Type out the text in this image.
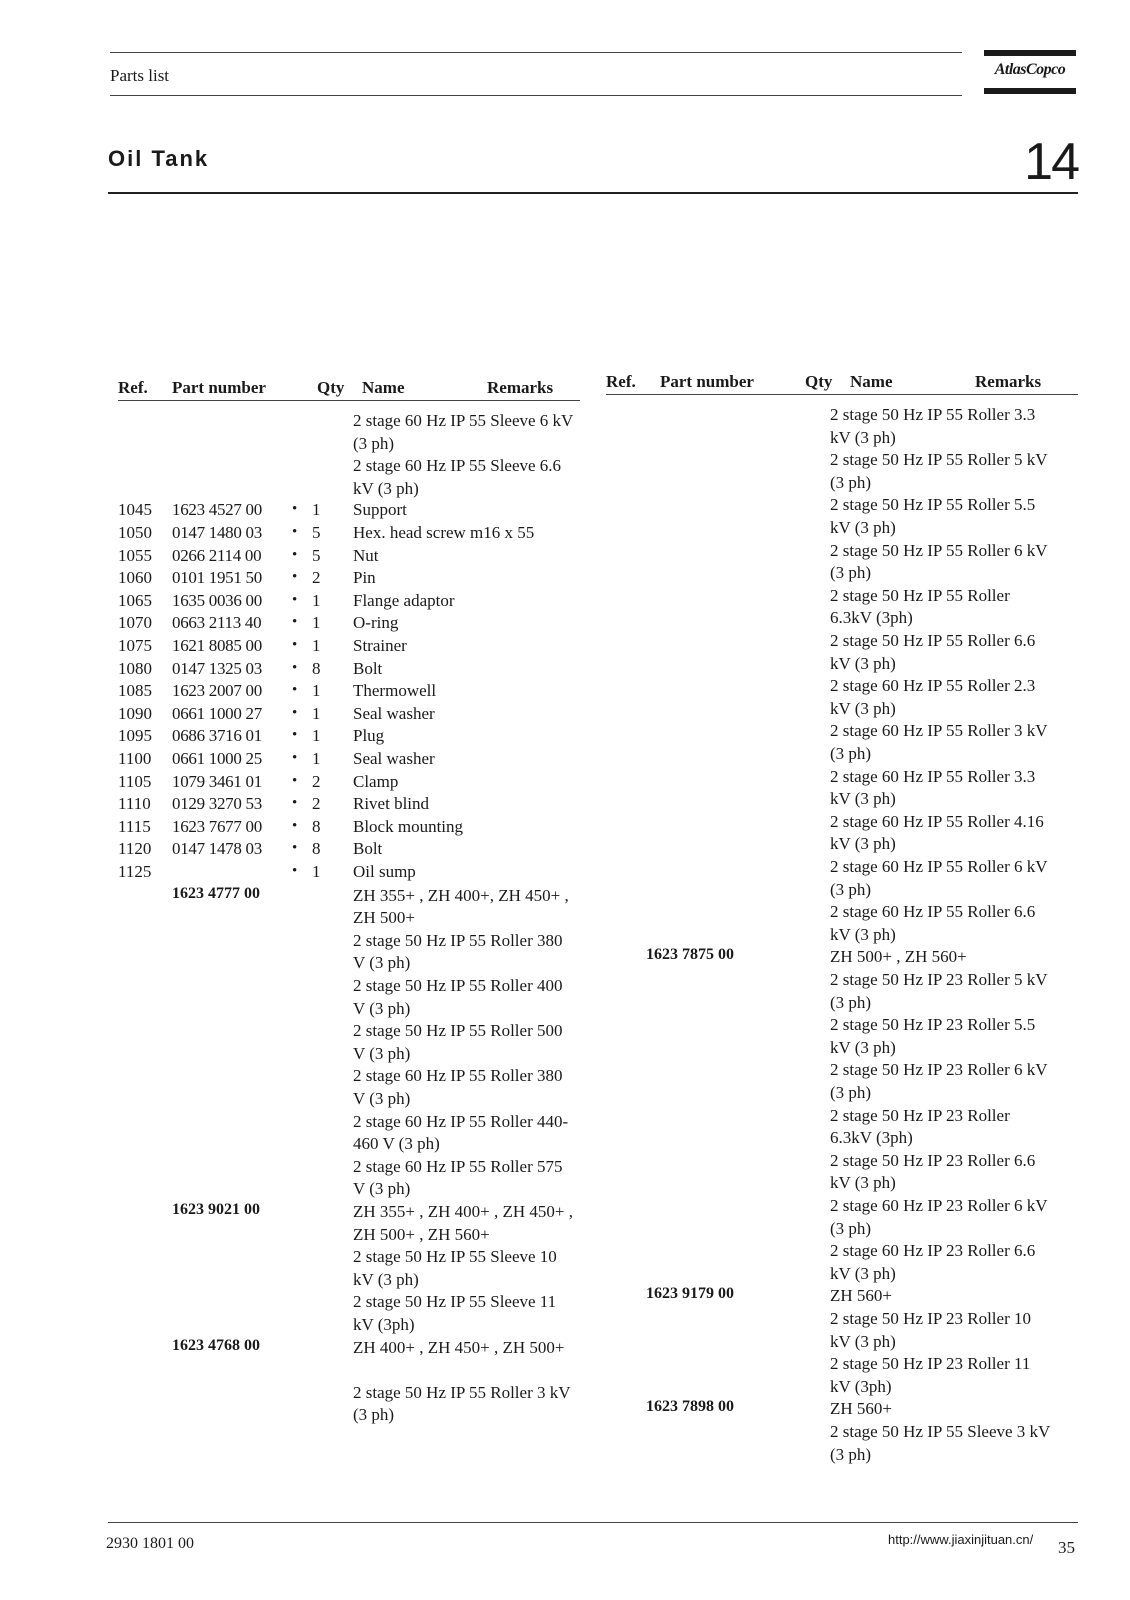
Parts list	AtlasCopco
Oil Tank	14
Ref. Part number	Qty Name	Remarks
2 stage 60 Hz IP 55 Sleeve 6 kV (3 ph)
2 stage 60 Hz IP 55 Sleeve 6.6 kV (3 ph)
1045 1623 4527 00 • 1 Support
1050 0147 1480 03 • 5 Hex. head screw m16 x 55
1055 0266 2114 00 • 5 Nut
1060 0101 1951 50 • 2 Pin
1065 1635 0036 00 • 1 Flange adaptor
1070 0663 2113 40 • 1 O-ring
1075 1621 8085 00 • 1 Strainer
1080 0147 1325 03 • 8 Bolt
1085 1623 2007 00 • 1 Thermowell
1090 0661 1000 27 • 1 Seal washer
1095 0686 3716 01 • 1 Plug
1100 0661 1000 25 • 1 Seal washer
1105 1079 3461 01 • 2 Clamp
1110 0129 3270 53 • 2 Rivet blind
1115 1623 7677 00 • 8 Block mounting
1120 0147 1478 03 • 8 Bolt
1125	• 1 Oil sump
1623 4777 00	ZH 355+ , ZH 400+, ZH 450+ , ZH 500+
2 stage 50 Hz IP 55 Roller 380 V (3 ph)
2 stage 50 Hz IP 55 Roller 400 V (3 ph)
2 stage 50 Hz IP 55 Roller 500 V (3 ph)
2 stage 60 Hz IP 55 Roller 380 V (3 ph)
2 stage 60 Hz IP 55 Roller 440-460 V (3 ph)
2 stage 60 Hz IP 55 Roller 575 V (3 ph)
1623 9021 00	ZH 355+ , ZH 400+ , ZH 450+ , ZH 500+ , ZH 560+
2 stage 50 Hz IP 55 Sleeve 10 kV (3 ph)
2 stage 50 Hz IP 55 Sleeve 11 kV (3ph)
1623 4768 00	ZH 400+ , ZH 450+ , ZH 500+
2 stage 50 Hz IP 55 Roller 3 kV (3 ph)
Ref. Part number	Qty Name	Remarks
2 stage 50 Hz IP 55 Roller 3.3 kV (3 ph)
2 stage 50 Hz IP 55 Roller 5 kV (3 ph)
2 stage 50 Hz IP 55 Roller 5.5 kV (3 ph)
2 stage 50 Hz IP 55 Roller 6 kV (3 ph)
2 stage 50 Hz IP 55 Roller 6.3kV (3ph)
2 stage 50 Hz IP 55 Roller 6.6 kV (3 ph)
2 stage 60 Hz IP 55 Roller 2.3 kV (3 ph)
2 stage 60 Hz IP 55 Roller 3 kV (3 ph)
2 stage 60 Hz IP 55 Roller 3.3 kV (3 ph)
2 stage 60 Hz IP 55 Roller 4.16 kV (3 ph)
2 stage 60 Hz IP 55 Roller 6 kV (3 ph)
2 stage 60 Hz IP 55 Roller 6.6 kV (3 ph)
1623 7875 00	ZH 500+ , ZH 560+
2 stage 50 Hz IP 23 Roller 5 kV (3 ph)
2 stage 50 Hz IP 23 Roller 5.5 kV (3 ph)
2 stage 50 Hz IP 23 Roller 6 kV (3 ph)
2 stage 50 Hz IP 23 Roller 6.3kV (3ph)
2 stage 50 Hz IP 23 Roller 6.6 kV (3 ph)
2 stage 60 Hz IP 23 Roller 6 kV (3 ph)
2 stage 60 Hz IP 23 Roller 6.6 kV (3 ph)
1623 9179 00	ZH 560+
2 stage 50 Hz IP 23 Roller 10 kV (3 ph)
2 stage 50 Hz IP 23 Roller 11 kV (3ph)
1623 7898 00	ZH 560+
2 stage 50 Hz IP 55 Sleeve 3 kV (3 ph)
2930 1801 00	http://www.jiaxinjituan.cn/ 35
